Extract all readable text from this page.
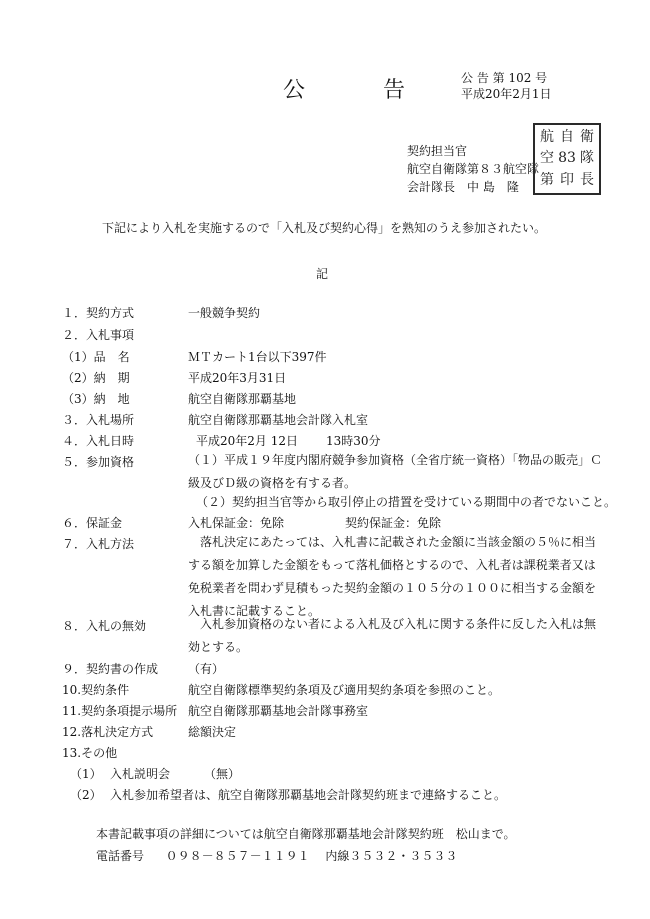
公　告 公 告 第 102 号
平成20年2月1日
契約担当官
航空自衛隊第８３航空隊
会計隊長　中 島　隆
航 自 衛
空 83 隊
第 印 長
下記により入札を実施するので「入札及び契約心得」を熟知のうえ参加されたい。
記
１．契約方式	一般競争契約
２．入札事項
（1）品　名	ＭＴカート1台以下397件
（2）納　期	平成20年3月31日
（3）納　地	航空自衛隊那覇基地
３．入札場所	航空自衛隊那覇基地会計隊入札室
４．入札日時	平成20年2月 12日 13時30分
５．参加資格	（１）平成１９年度内閣府競争参加資格（全省庁統一資格）「物品の販売」Ｃ級及びＤ級の資格を有する者。
（２）契約担当官等から取引停止の措置を受けている期間中の者でないこと。
６．保証金	入札保証金：免除	契約保証金：免除
７．入札方法	落札決定にあたっては、入札書に記載された金額に当該金額の５％に相当する額を加算した金額をもって落札価格とするので、入札者は課税業者又は免税業者を問わず見積もった契約金額の１０５分の１００に相当する金額を入札書に記載すること。
８．入札の無効	入札参加資格のない者による入札及び入札に関する条件に反した入札は無効とする。
９．契約書の作成 （有）
10.契約条件	航空自衛隊標準契約条項及び適用契約条項を参照のこと。
11.契約条項提示場所 航空自衛隊那覇基地会計隊事務室
12.落札決定方式	総額決定
13.その他
（1） 入札説明会	（無）
（2） 入札参加希望者は、航空自衛隊那覇基地会計隊契約班まで連絡すること。
本書記載事項の詳細については航空自衛隊那覇基地会計隊契約班　松山まで。
電話番号 ０９８－８５７－１１９１ 内線３５３２・３５３３
